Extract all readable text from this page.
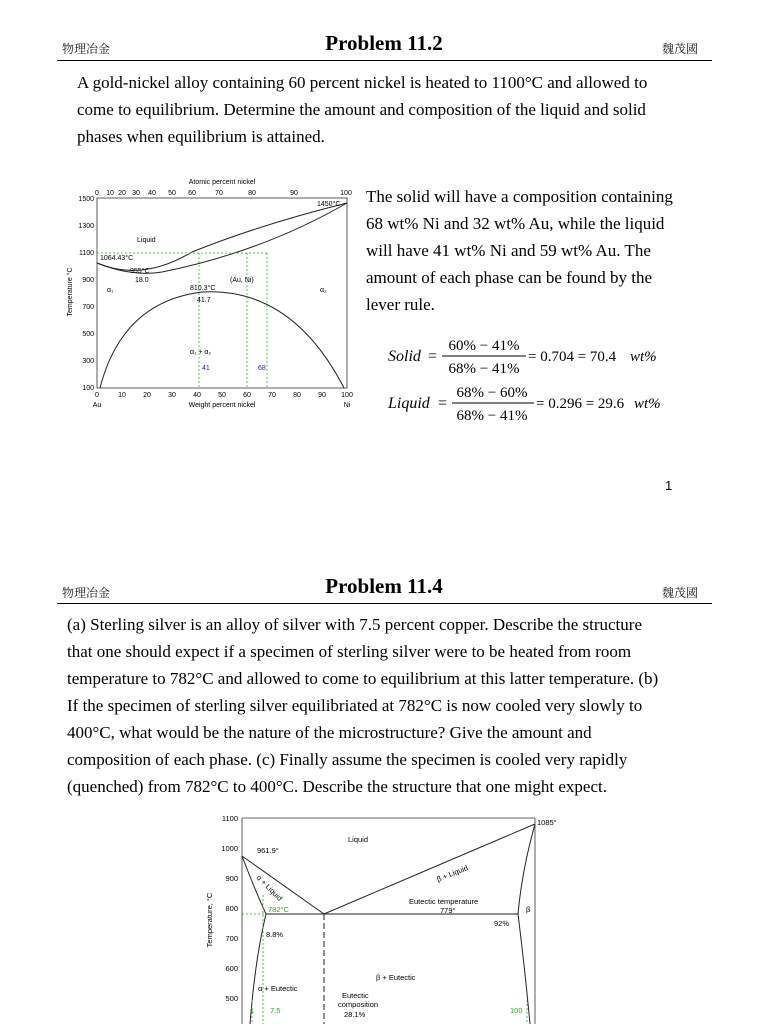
物理冶金	Problem 11.2	魏茂國
A gold-nickel alloy containing 60 percent nickel is heated to 1100°C and allowed to
come to equilibrium. Determine the amount and composition of the liquid and solid
phases when equilibrium is attained.
Atomic percent nickel
0 10 20 30 40 50 60	70	80	90	100
1500
1300
1100
900
700
500
300
100
Temperature °C
Liquid
1450°C
1064.43°C
955°C
18.0
810.3°C
41.7
(Au, Ni)
α₁	α₂
α₁ + α₂
41	68
0	10 20 30 40 50 60 70 80 90 100
Au	Weight percent nickel	Ni
The solid will have a composition containing
68 wt% Ni and 32 wt% Au, while the liquid
will have 41 wt% Ni and 59 wt% Au. The
amount of each phase can be found by the
lever rule.
Solid =
60% − 41%
68% − 41%
= 0.704 = 70.4 wt%
Liquid =
68% − 60%
68% − 41%
= 0.296 = 29.6 wt%
1
物理冶金	Problem 11.4	魏茂國
(a) Sterling silver is an alloy of silver with 7.5 percent copper. Describe the structure
that one should expect if a specimen of sterling silver were to be heated from room
temperature to 782°C and allowed to come to equilibrium at this latter temperature. (b)
If the specimen of sterling silver equilibriated at 782°C is now cooled very slowly to
400°C, what would be the nature of the microstructure? Give the amount and
composition of each phase. (c) Finally assume the specimen is cooled very rapidly
(quenched) from 782°C to 400°C. Describe the structure that one might expect.
1100
1000
900
800
700
600
500
Temperature, °C
1085°
961.9°
Liquid
α + Liquid	β + Liquid
782°C
Eutectic temperature
779°
92%
β
8.8%
β + Eutectic
α + Eutectic
Eutectic
composition
28.1%
1 7.5	100
